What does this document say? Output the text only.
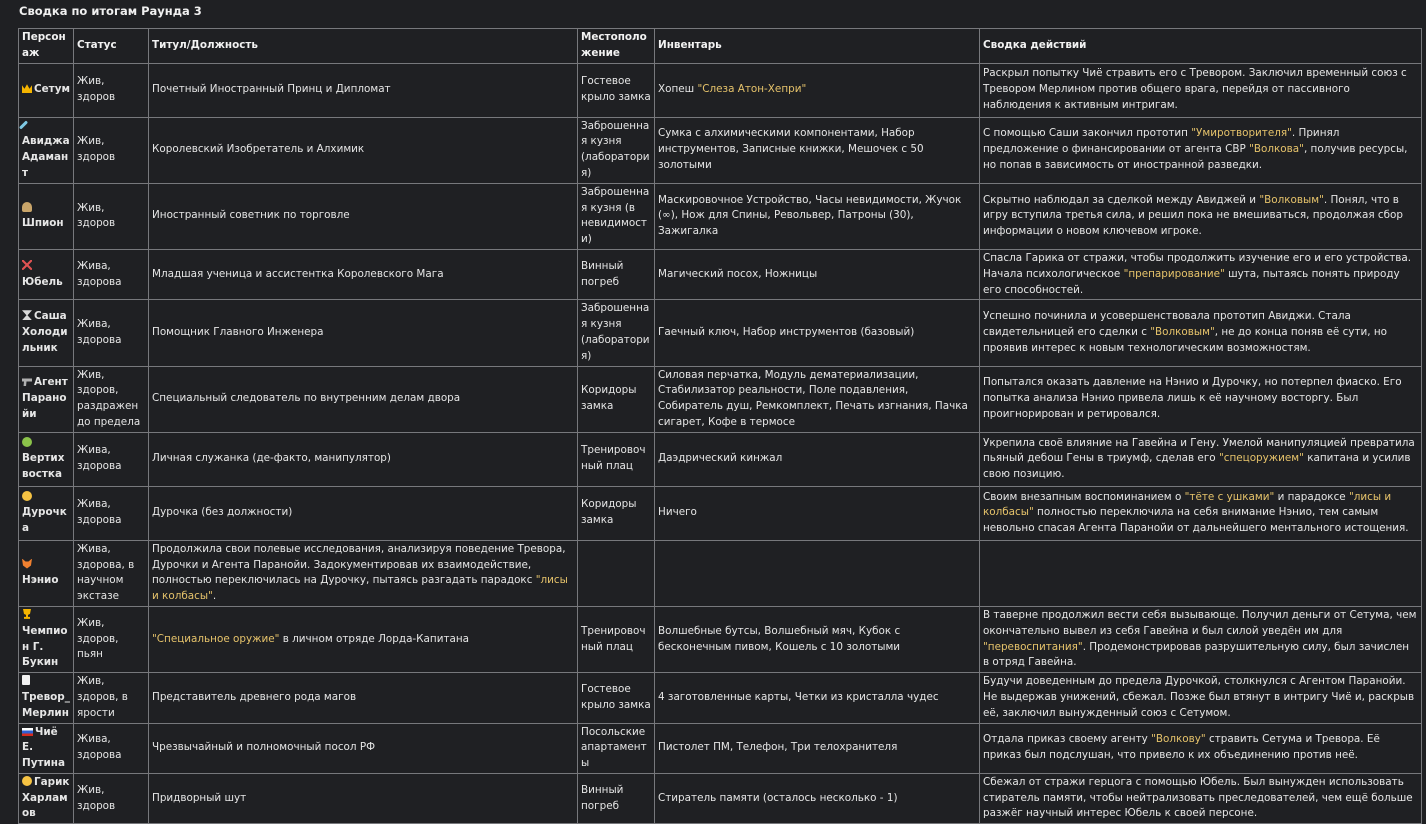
Сводка по итогам Раунда 3
Персонаж	Статус	Титул/Должность	Местоположение	Инвентарь	Сводка действий
Сетум	Жив, здоров	Почетный Иностранный Принц и Дипломат	Гостевое крыло замка	Хопеш "Слеза Атон-Хепри"	Раскрыл попытку Чиё стравить его с Тревором. Заключил временный союз с Тревором Мерлином против общего врага, перейдя от пассивного наблюдения к активным интригам.
Авиджа Адамант	Жив, здоров	Королевский Изобретатель и Алхимик	Заброшенная кузня (лаборатория)	Сумка с алхимическими компонентами, Набор инструментов, Записные книжки, Мешочек с 50 золотыми	С помощью Саши закончил прототип "Умиротворителя". Принял предложение о финансировании от агента СВР "Волкова", получив ресурсы, но попав в зависимость от иностранной разведки.
Шпион	Жив, здоров	Иностранный советник по торговле	Заброшенная кузня (в невидимости)	Маскировочное Устройство, Часы невидимости, Жучок (∞), Нож для Спины, Револьвер, Патроны (30), Зажигалка	Скрытно наблюдал за сделкой между Авиджей и "Волковым". Понял, что в игру вступила третья сила, и решил пока не вмешиваться, продолжая сбор информации о новом ключевом игроке.
Юбель	Жива, здорова	Младшая ученица и ассистентка Королевского Мага	Винный погреб	Магический посох, Ножницы	Спасла Гарика от стражи, чтобы продолжить изучение его и его устройства. Начала психологическое "препарирование" шута, пытаясь понять природу его способностей.
Саша Холодильник	Жива, здорова	Помощник Главного Инженера	Заброшенная кузня (лаборатория)	Гаечный ключ, Набор инструментов (базовый)	Успешно починила и усовершенствовала прототип Авиджи. Стала свидетельницей его сделки с "Волковым", не до конца поняв её сути, но проявив интерес к новым технологическим возможностям.
Агент Паранойи	Жив, здоров, раздражен до предела	Специальный следователь по внутренним делам двора	Коридоры замка	Силовая перчатка, Модуль дематериализации, Стабилизатор реальности, Поле подавления, Собиратель душ, Ремкомплект, Печать изгнания, Пачка сигарет, Кофе в термосе	Попытался оказать давление на Нэнио и Дурочку, но потерпел фиаско. Его попытка анализа Нэнио привела лишь к её научному восторгу. Был проигнорирован и ретировался.
Вертихвостка	Жива, здорова	Личная служанка (де-факто, манипулятор)	Тренировочный плац	Даэдрический кинжал	Укрепила своё влияние на Гавейна и Гену. Умелой манипуляцией превратила пьяный дебош Гены в триумф, сделав его "спецоружием" капитана и усилив свою позицию.
Дурочка	Жива, здорова	Дурочка (без должности)	Коридоры замка	Ничего	Своим внезапным воспоминанием о "тёте с ушками" и парадоксе "лисы и колбасы" полностью переключила на себя внимание Нэнио, тем самым невольно спасая Агента Паранойи от дальнейшего ментального истощения.
Нэнио	Жива, здорова, в научном экстазе	Продолжила свои полевые исследования, анализируя поведение Тревора, Дурочки и Агента Паранойи. Задокументировав их взаимодействие, полностью переключилась на Дурочку, пытаясь разгадать парадокс "лисы и колбасы".			
Чемпион Г. Букин	Жив, здоров, пьян	"Специальное оружие" в личном отряде Лорда-Капитана	Тренировочный плац	Волшебные бутсы, Волшебный мяч, Кубок с бесконечным пивом, Кошель с 10 золотыми	В таверне продолжил вести себя вызывающе. Получил деньги от Сетума, чем окончательно вывел из себя Гавейна и был силой уведён им для "перевоспитания". Продемонстрировав разрушительную силу, был зачислен в отряд Гавейна.
Тревор_Мерлин	Жив, здоров, в ярости	Представитель древнего рода магов	Гостевое крыло замка	4 заготовленные карты, Четки из кристалла чудес	Будучи доведенным до предела Дурочкой, столкнулся с Агентом Паранойи. Не выдержав унижений, сбежал. Позже был втянут в интригу Чиё и, раскрыв её, заключил вынужденный союз с Сетумом.
Чиё Е. Путина	Жива, здорова	Чрезвычайный и полномочный посол РФ	Посольские апартаменты	Пистолет ПМ, Телефон, Три телохранителя	Отдала приказ своему агенту "Волкову" стравить Сетума и Тревора. Её приказ был подслушан, что привело к их объединению против неё.
Гарик Харламов	Жив, здоров	Придворный шут	Винный погреб	Стиратель памяти (осталось несколько - 1)	Сбежал от стражи герцога с помощью Юбель. Был вынужден использовать стиратель памяти, чтобы нейтрализовать преследователей, чем ещё больше разжёг научный интерес Юбель к своей персоне.
